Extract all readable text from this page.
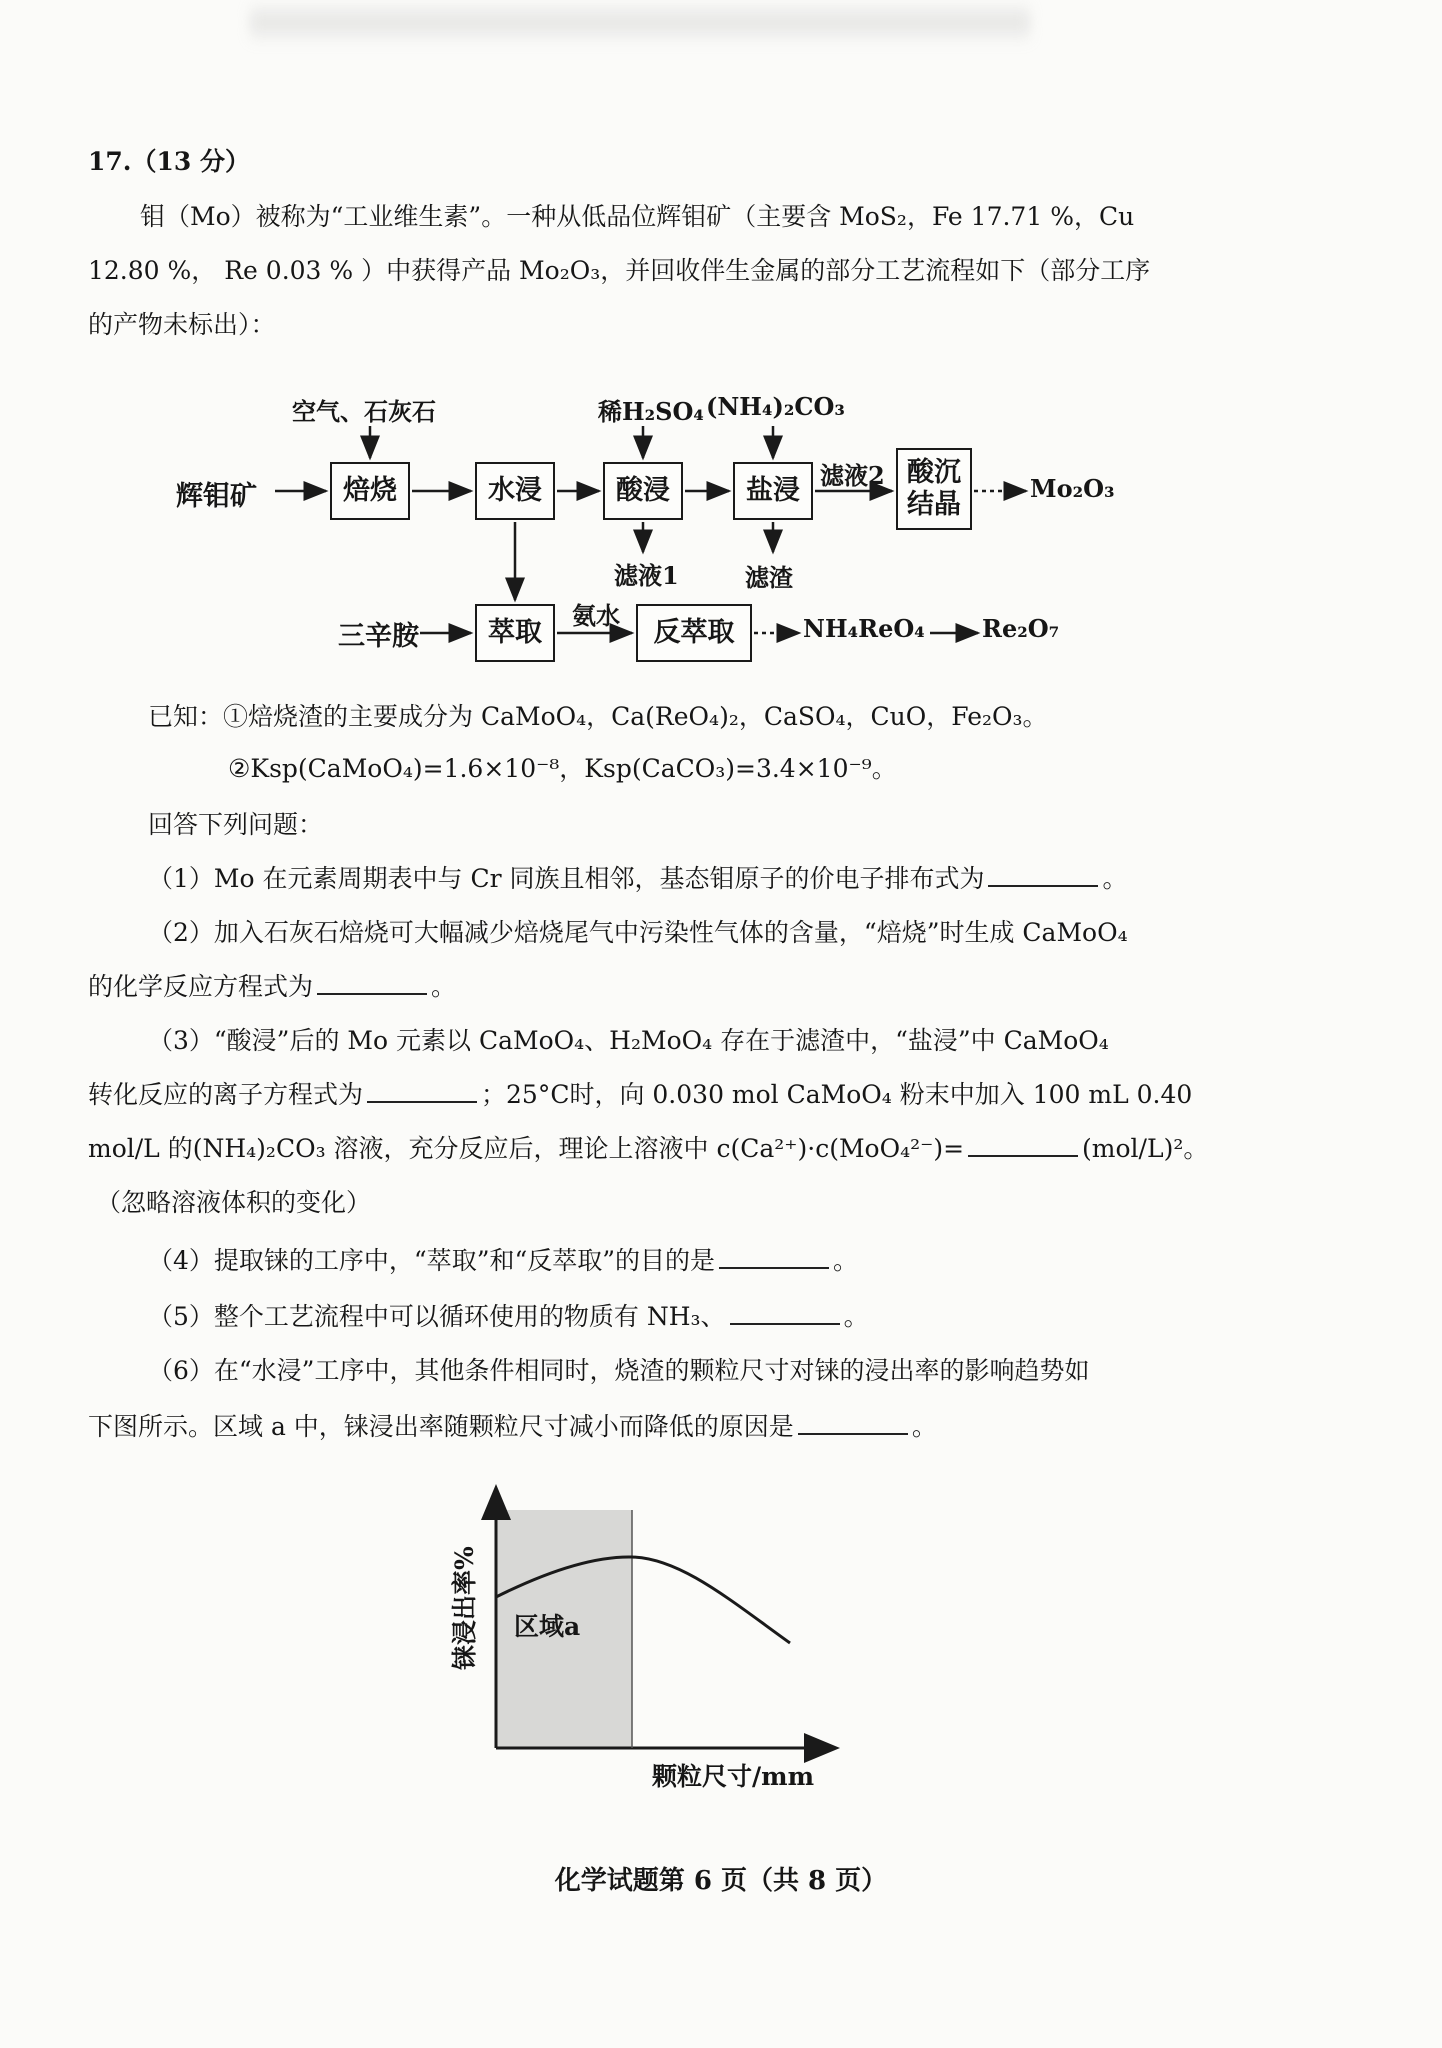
17.（13 分）
钼（Mo）被称为“工业维生素”。一种从低品位辉钼矿（主要含 MoS₂，Fe 17.71 %，Cu
12.80 %， Re 0.03 % ）中获得产品 Mo₂O₃，并回收伴生金属的部分工艺流程如下（部分工序
的产物未标出）：
空气、石灰石	稀H₂SO₄ (NH₄)₂CO₃
辉钼矿	焙烧	水浸	酸浸	盐浸 滤液2 酸沉
结晶
Mo₂O₃
滤液1	滤渣
三辛胺	萃取
氨水
反萃取	NH₄ReO₄ Re₂O₇
已知：①焙烧渣的主要成分为 CaMoO₄，Ca(ReO₄)₂，CaSO₄，CuO，Fe₂O₃。
②Ksp(CaMoO₄)=1.6×10⁻⁸，Ksp(CaCO₃)=3.4×10⁻⁹。
回答下列问题：
（1）Mo 在元素周期表中与 Cr 同族且相邻，基态钼原子的价电子排布式为	。
（2）加入石灰石焙烧可大幅减少焙烧尾气中污染性气体的含量，“焙烧”时生成 CaMoO₄
的化学反应方程式为	。
（3）“酸浸”后的 Mo 元素以 CaMoO₄、H₂MoO₄ 存在于滤渣中，“盐浸”中 CaMoO₄
转化反应的离子方程式为	；25°C时，向 0.030 mol CaMoO₄ 粉末中加入 100 mL 0.40
mol/L 的(NH₄)₂CO₃ 溶液，充分反应后，理论上溶液中 c(Ca²⁺)·c(MoO₄²⁻)=	(mol/L)²。
（忽略溶液体积的变化）
（4）提取铼的工序中，“萃取”和“反萃取”的目的是	。
（5）整个工艺流程中可以循环使用的物质有 NH₃、	。
（6）在“水浸”工序中，其他条件相同时，烧渣的颗粒尺寸对铼的浸出率的影响趋势如
下图所示。区域 a 中，铼浸出率随颗粒尺寸减小而降低的原因是	。
铼浸出率% 区域a
颗粒尺寸/mm
化学试题第 6 页（共 8 页）
